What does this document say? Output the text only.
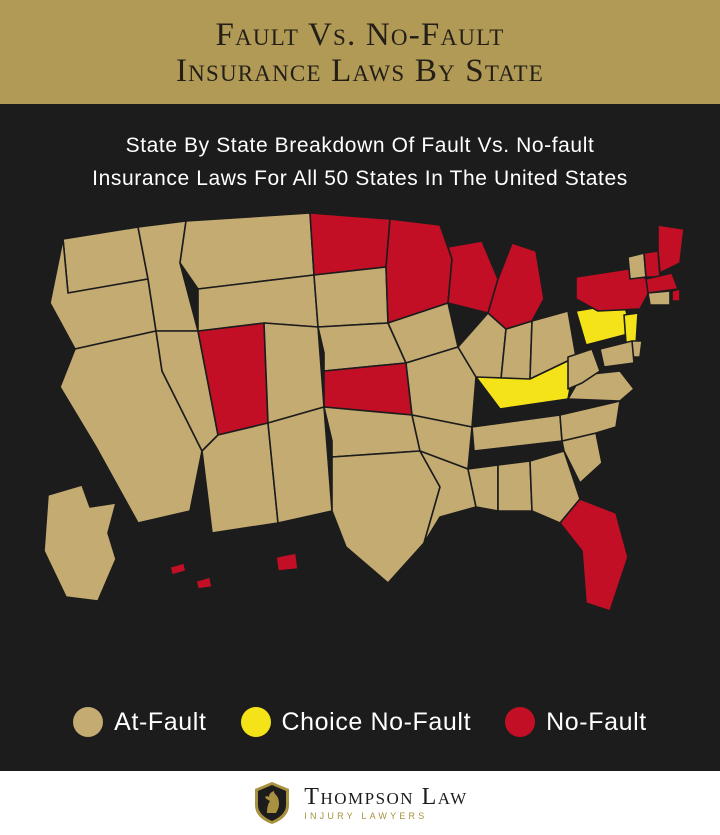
Fault Vs. No-Fault
Insurance Laws By State
State By State Breakdown Of Fault Vs. No-fault
Insurance Laws For All 50 States In The United States
At-Fault	Choice No-Fault	No-Fault
Thompson Law
INJURY LAWYERS
